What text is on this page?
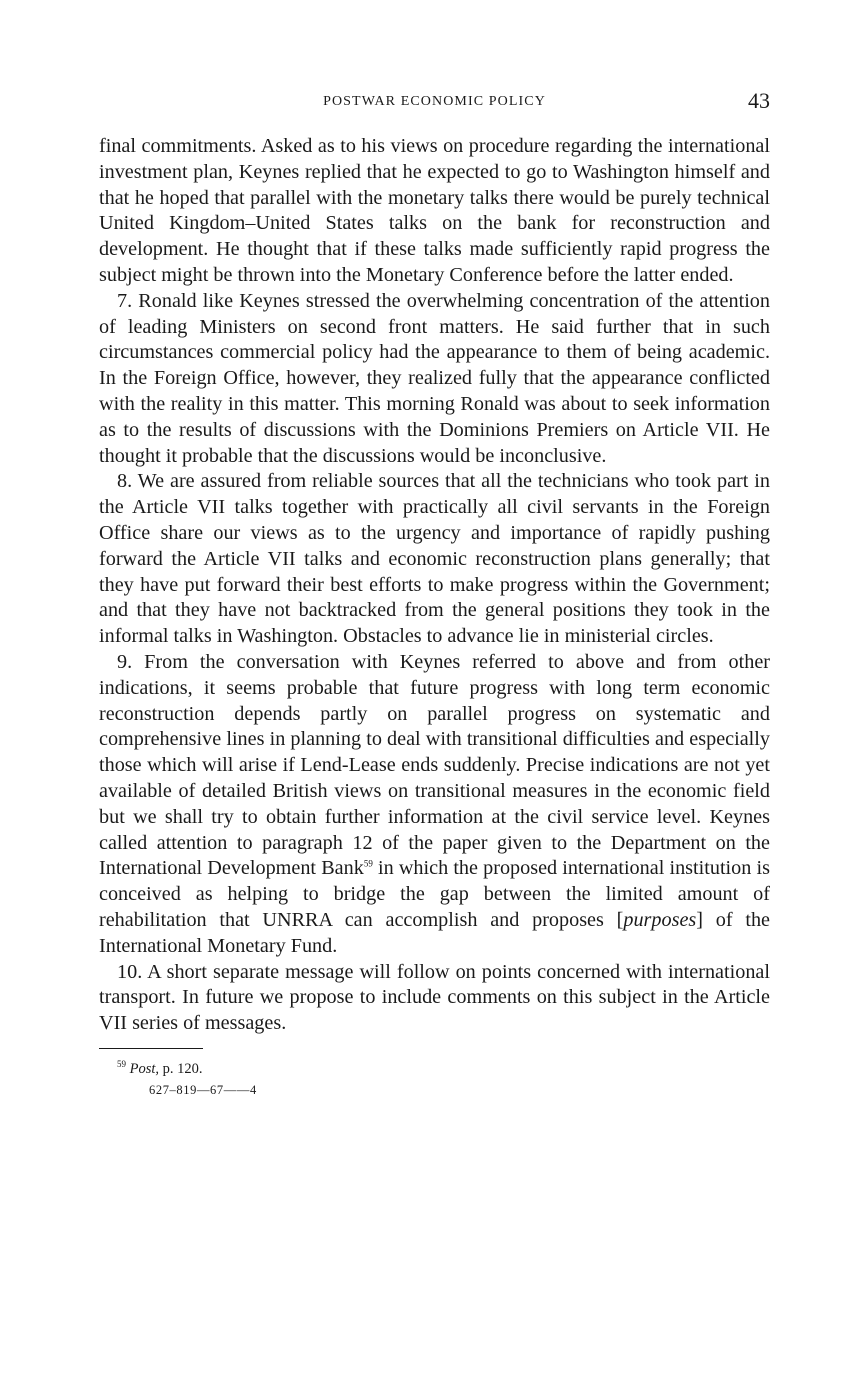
POSTWAR ECONOMIC POLICY	43

final commitments. Asked as to his views on procedure regarding the international investment plan, Keynes replied that he expected to go to Washington himself and that he hoped that parallel with the monetary talks there would be purely technical United Kingdom–United States talks on the bank for reconstruction and development. He thought that if these talks made sufficiently rapid progress the subject might be thrown into the Monetary Conference before the latter ended.

7. Ronald like Keynes stressed the overwhelming concentration of the attention of leading Ministers on second front matters. He said further that in such circumstances commercial policy had the appearance to them of being academic. In the Foreign Office, however, they realized fully that the appearance conflicted with the reality in this matter. This morning Ronald was about to seek information as to the results of discussions with the Dominions Premiers on Article VII. He thought it probable that the discussions would be inconclusive.

8. We are assured from reliable sources that all the technicians who took part in the Article VII talks together with practically all civil servants in the Foreign Office share our views as to the urgency and importance of rapidly pushing forward the Article VII talks and economic reconstruction plans generally; that they have put forward their best efforts to make progress within the Government; and that they have not backtracked from the general positions they took in the informal talks in Washington. Obstacles to advance lie in ministerial circles.

9. From the conversation with Keynes referred to above and from other indications, it seems probable that future progress with long term economic reconstruction depends partly on parallel progress on systematic and comprehensive lines in planning to deal with transitional difficulties and especially those which will arise if Lend-Lease ends suddenly. Precise indications are not yet available of detailed British views on transitional measures in the economic field but we shall try to obtain further information at the civil service level. Keynes called attention to paragraph 12 of the paper given to the Department on the International Development Bank$^{59}$ in which the proposed international institution is conceived as helping to bridge the gap between the limited amount of rehabilitation that UNRRA can accomplish and proposes [purposes] of the International Monetary Fund.

10. A short separate message will follow on points concerned with international transport. In future we propose to include comments on this subject in the Article VII series of messages.

$^{59}$ Post, p. 120.
627–819—67——4
